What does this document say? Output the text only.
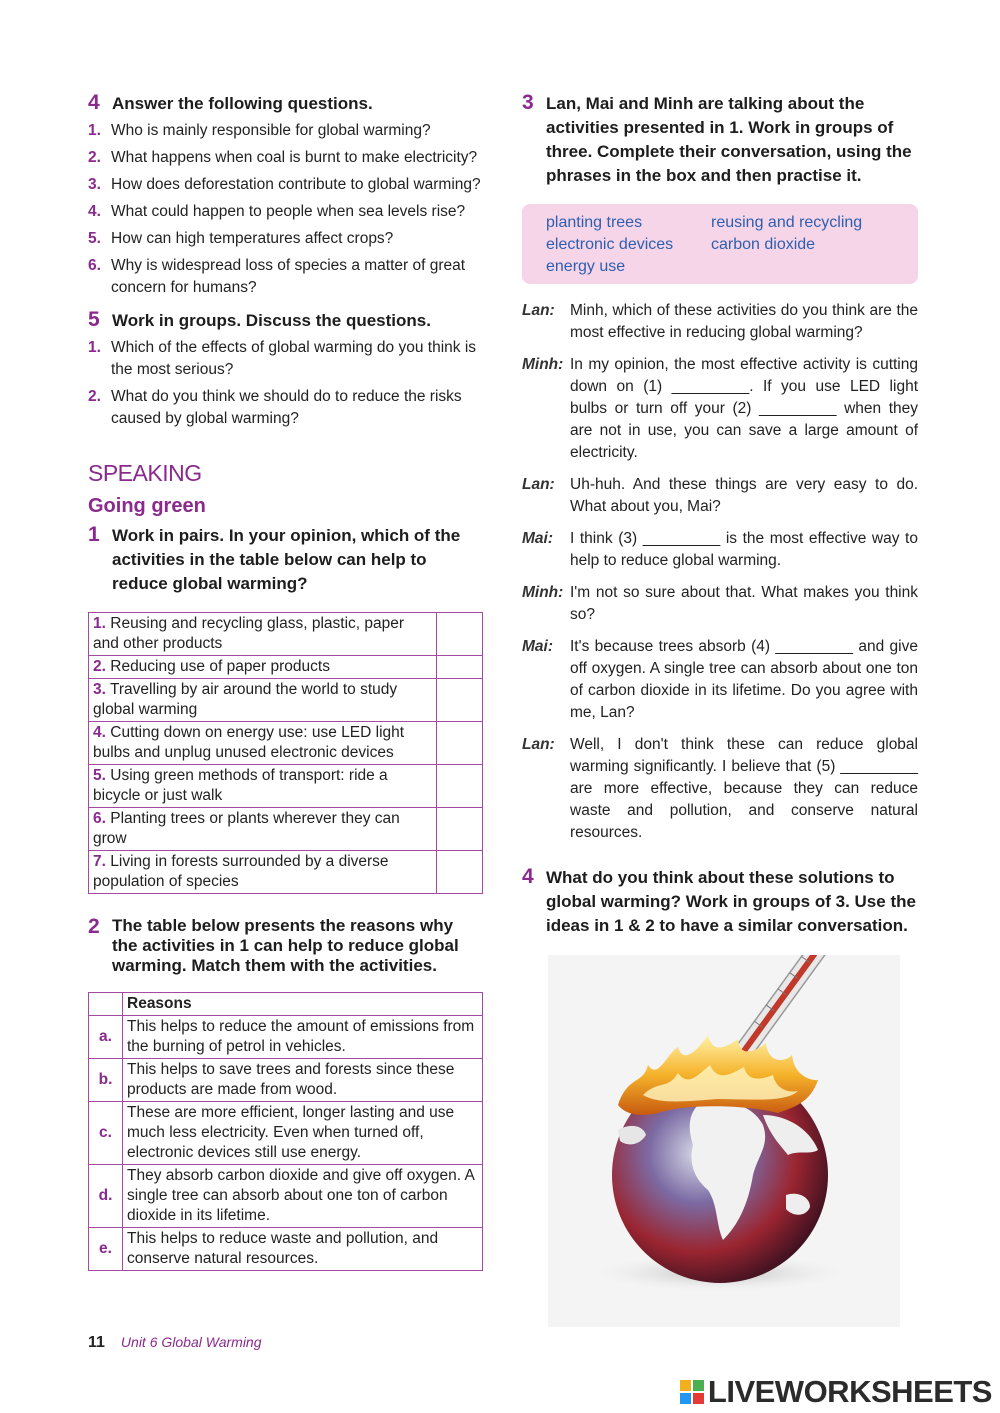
4 Answer the following questions.
1. Who is mainly responsible for global warming?
2. What happens when coal is burnt to make electricity?
3. How does deforestation contribute to global warming?
4. What could happen to people when sea levels rise?
5. How can high temperatures affect crops?
6. Why is widespread loss of species a matter of great concern for humans?
5 Work in groups. Discuss the questions.
1. Which of the effects of global warming do you think is the most serious?
2. What do you think we should do to reduce the risks caused by global warming?
SPEAKING
Going green
1 Work in pairs. In your opinion, which of the activities in the table below can help to reduce global warming?
1. Reusing and recycling glass, plastic, paper and other products	
2. Reducing use of paper products	
3. Travelling by air around the world to study global warming	
4. Cutting down on energy use: use LED light bulbs and unplug unused electronic devices	
5. Using green methods of transport: ride a bicycle or just walk	
6. Planting trees or plants wherever they can grow	
7. Living in forests surrounded by a diverse population of species	
2 The table below presents the reasons why the activities in 1 can help to reduce global warming. Match them with the activities.
	Reasons
a.	This helps to reduce the amount of emissions from the burning of petrol in vehicles.
b.	This helps to save trees and forests since these products are made from wood.
c.	These are more efficient, longer lasting and use much less electricity. Even when turned off, electronic devices still use energy.
d.	They absorb carbon dioxide and give off oxygen. A single tree can absorb about one ton of carbon dioxide in its lifetime.
e.	This helps to reduce waste and pollution, and conserve natural resources.
3 Lan, Mai and Minh are talking about the activities presented in 1. Work in groups of three. Complete their conversation, using the phrases in the box and then practise it.
planting trees	reusing and recycling
electronic devices	carbon dioxide
energy use
Lan: Minh, which of these activities do you think are the most effective in reducing global warming?
Minh: In my opinion, the most effective activity is cutting down on (1) _________. If you use LED light bulbs or turn off your (2) _________ when they are not in use, you can save a large amount of electricity.
Lan: Uh-huh. And these things are very easy to do. What about you, Mai?
Mai:	I think (3) _________ is the most effective way to help to reduce global warming.
Minh: I'm not so sure about that. What makes you think so?
Mai:	It's because trees absorb (4) _________ and give off oxygen. A single tree can absorb about one ton of carbon dioxide in its lifetime. Do you agree with me, Lan?
Lan: Well, I don't think these can reduce global warming significantly. I believe that (5) _________ are more effective, because they can reduce waste and pollution, and conserve natural resources.
4 What do you think about these solutions to global warming? Work in groups of 3. Use the ideas in 1 & 2 to have a similar conversation.
11 Unit 6 Global Warming
LIVEWORKSHEETS
